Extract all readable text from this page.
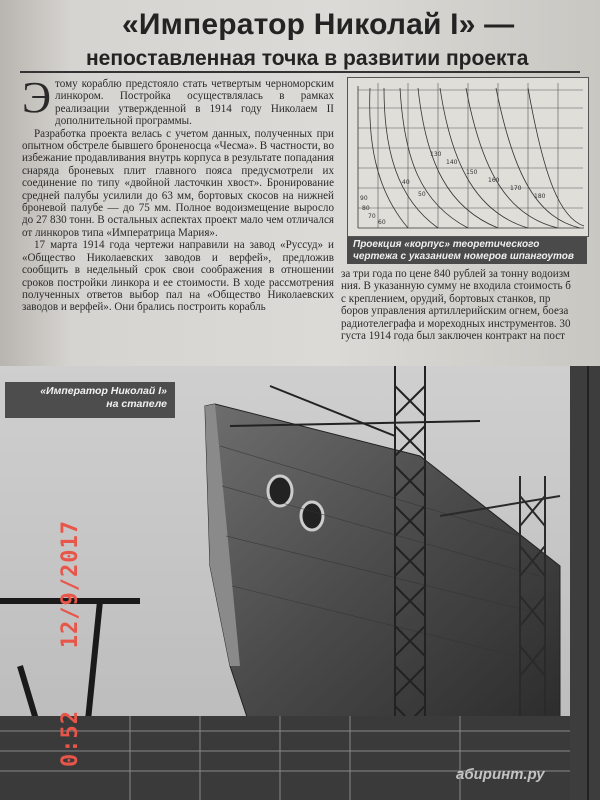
«Император Николай I» —
непоставленная точка в развитии проекта

Этому кораблю предстояло стать четвертым черноморским линкором. Постройка осуществлялась в рамках реализации утвержденной в 1914 году Николаем II дополнительной программы.

Разработка проекта велась с учетом данных, полученных при опытном обстреле бывшего броненосца «Чесма». В частности, во избежание продавливания внутрь корпуса в результате попадания снаряда броневых плит главного пояса предусмотрели их соединение по типу «двойной ласточкин хвост». Бронирование средней палубы усилили до 63 мм, бортовых скосов на нижней броневой палубе — до 75 мм. Полное водоизмещение выросло до 27 830 тонн. В остальных аспектах проект мало чем отличался от линкоров типа «Императрица Мария».

17 марта 1914 года чертежи направили на завод «Руссуд» и «Общество Николаевских заводов и верфей», предложив сообщить в недельный срок свои соображения в отношении сроков постройки линкора и ее стоимости. В ходе рассмотрения полученных ответов выбор пал на «Общество Николаевских заводов и верфей». Они брались построить корабль

130
140
150
160
170
180
90
80
70
60
50
40
Проекция «корпус» теоретического чертежа с указанием номеров шпангоутов
за три года по цене 840 рублей за тонну водоизм
ния. В указанную сумму не входила стоимость б
с креплением, орудий, бортовых станков, пр
боров управления артиллерийским огнем, боеза
радиотелеграфа и мореходных инструментов. 30
густа 1914 года был заключен контракт на пост
«Император Николай I»
на стапеле
12/9/2017
0:52
абиринт.ру
